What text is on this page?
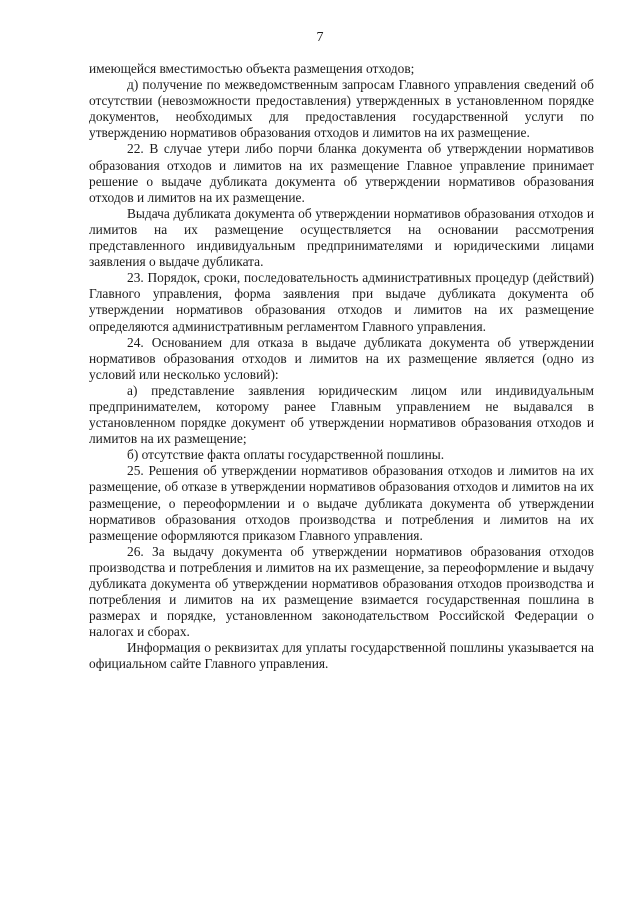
7

имеющейся вместимостью объекта размещения отходов;

д) получение по межведомственным запросам Главного управления сведений об отсутствии (невозможности предоставления) утвержденных в установленном порядке документов, необходимых для предоставления государственной услуги по утверждению нормативов образования отходов и лимитов на их размещение.

22. В случае утери либо порчи бланка документа об утверждении нормативов образования отходов и лимитов на их размещение Главное управление принимает решение о выдаче дубликата документа об утверждении нормативов образования отходов и лимитов на их размещение.

Выдача дубликата документа об утверждении нормативов образования отходов и лимитов на их размещение осуществляется на основании рассмотрения представленного индивидуальным предпринимателями и юридическими лицами заявления о выдаче дубликата.

23. Порядок, сроки, последовательность административных процедур (действий) Главного управления, форма заявления при выдаче дубликата документа об утверждении нормативов образования отходов и лимитов на их размещение определяются административным регламентом Главного управления.

24. Основанием для отказа в выдаче дубликата документа об утверждении нормативов образования отходов и лимитов на их размещение является (одно из условий или несколько условий):

а) представление заявления юридическим лицом или индивидуальным предпринимателем, которому ранее Главным управлением не выдавался в установленном порядке документ об утверждении нормативов образования отходов и лимитов на их размещение;

б) отсутствие факта оплаты государственной пошлины.

25. Решения об утверждении нормативов образования отходов и лимитов на их размещение, об отказе в утверждении нормативов образования отходов и лимитов на их размещение, о переоформлении и о выдаче дубликата документа об утверждении нормативов образования отходов производства и потребления и лимитов на их размещение оформляются приказом Главного управления.

26. За выдачу документа об утверждении нормативов образования отходов производства и потребления и лимитов на их размещение, за переоформление и выдачу дубликата документа об утверждении нормативов образования отходов производства и потребления и лимитов на их размещение взимается государственная пошлина в размерах и порядке, установленном законодательством Российской Федерации о налогах и сборах.

Информация о реквизитах для уплаты государственной пошлины указывается на официальном сайте Главного управления.
